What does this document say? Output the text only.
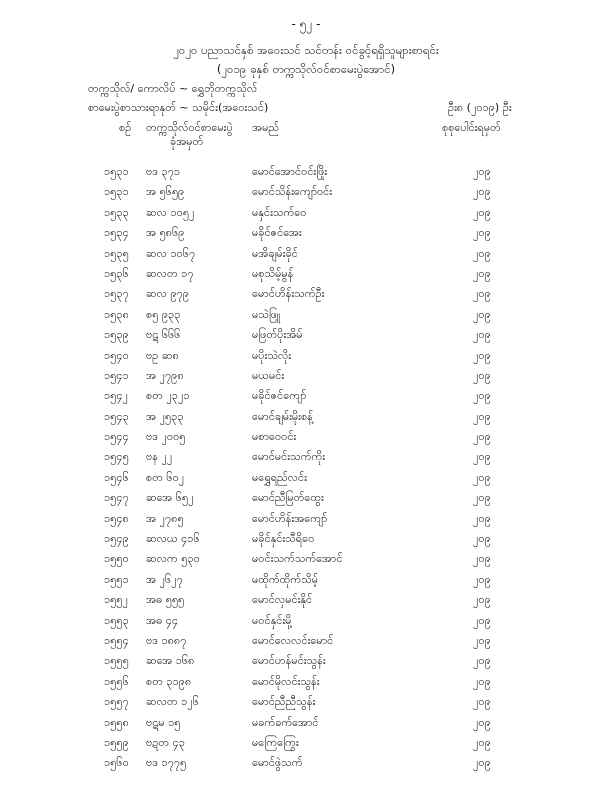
- ၅၂ -
၂၀၂၀ ပညာသင်နှစ် အဝေးသင် သင်တန်း ဝင်ခွင့်ရရှိသူများစာရင်း
(၂၀၁၉ ခုနှစ် တက္ကသိုလ်ဝင်စာမေးပွဲအောင်)
တက္ကသိုလ်/ ကောလိပ် ~ ရွှေဘိုတက္ကသိုလ်
စာမေးပွဲစာသားရာနုတ် ~ သမိုင်း(အဝေးသင်)	ဦး၈ (၂၀၁၉) ဦး
စဉ် တက္ကသိုလ်ဝင်စာမေးပွဲ
ခုံအမှတ်
အမည်	စုစုပေါင်းရမှတ်
၁၅၃၁ ဗဒ ၃၇၁	မောင်အောင်ဝင်းဖြိုး	၂၀၉
၁၅၃၁ အ ၅၆၅၉	မောင်သိန်းကျော်ဝင်း	၂၀၉
၁၅၃၃ ဆလ ၁၀၅၂	မနှင်းသက်ဝေ	၂၀၉
၁၅၃၄ အ ၅၈၆၉	မခိုင်ဇင်အေး	၂၀၉
၁၅၃၅ ဆလ ၁၀၆၇	မအိချမ်းခိုင်	၂၀၉
၁၅၃၆ ဆလတ ၁၇	မစုသိမ့်မွန်	၂၀၉
၁၅၃၇ ဆလ ၉၇၉	မောင်ဟိန်းသက်ဦး	၂၀၉
၁၅၃၈ စ၅ ၉၃၃	မသဲဖြူ	၂၀၉
၁၅၃၉ ဗဋ ၆၆၆	မဖြတ်ပိုးအိမ်	၂၀၉
၁၅၄၀ ဗဥ ဆ၈	မပိုးသဲလိုး	၂၀၉
၁၅၄၁ အ ၂၇၉၈	မယမင်း	၂၀၉
၁၅၄၂ စတ ၂၃၂၁	မခိုင်ဇင်ကျော်	၂၀၉
၁၅၄၃ အ ၂၅၃၃	မောင်ချမ်းမိုးစန့်	၂၀၉
၁၅၄၄ ဗဒ ၂၀၀၅	မစာဝေဝင်း	၂၀၉
၁၅၄၅ ဗန ၂၂	မောင်မင်းသက်ကိုး	၂၀၉
၁၅၄၆ စတ ၆၀၂	မရွှေရည်လင်း	၂၀၉
၁၅၄၇ ဆအေ ၆၅၂	မောင်ညီမြတ်ထွေး	၂၀၉
၁၅၄၈ အ ၂၇၈၅	မောင်ဟိန်းအကျော်	၂၀၉
၁၅၄၉ ဆလယ ၄၁၆	မခိုင်နှင်းသီရိဝေ	၂၀၉
၁၅၅၀ ဆလက ၅၃၀	မဝင်းသက်သက်အောင်	၂၀၉
၁၅၅၁ အ ၂၆၂၇	မထိုက်ထိုက်သိမ့်	၂၀၉
၁၅၅၂ အဓ ၅၅၅	မောင်လှမင်းနိုင်	၂၀၉
၁၅၅၃ အဓ ၄၄	မဝင်နှင်းမို့	၂၀၉
၁၅၅၄ ဗဒ ၁၈၈၇	မောင်လေလင်းမောင်	၂၀၉
၁၅၅၅ ဆအေ ၁၆၈	မောင်ဟန်မင်းသွန်း	၂၀၉
၁၅၅၆ စတ ၃၁၉၈	မောင်မိုလင်းသွန်း	၂၀၉
၁၅၅၇ ဆလတ ၁၂၆	မောင်ညီညီသွန်း	၂၀၉
၁၅၅၈ ဗဋမ ၁၅	မခက်ခက်အောင်	၂၀၉
၁၅၅၉ ဗဍတ ၄၃	မကြေကြွေး	၂၀၉
၁၅၆၀ ဗဒ ၁၇၇၅	မောင်ဖွဲသက်	၂၀၉
